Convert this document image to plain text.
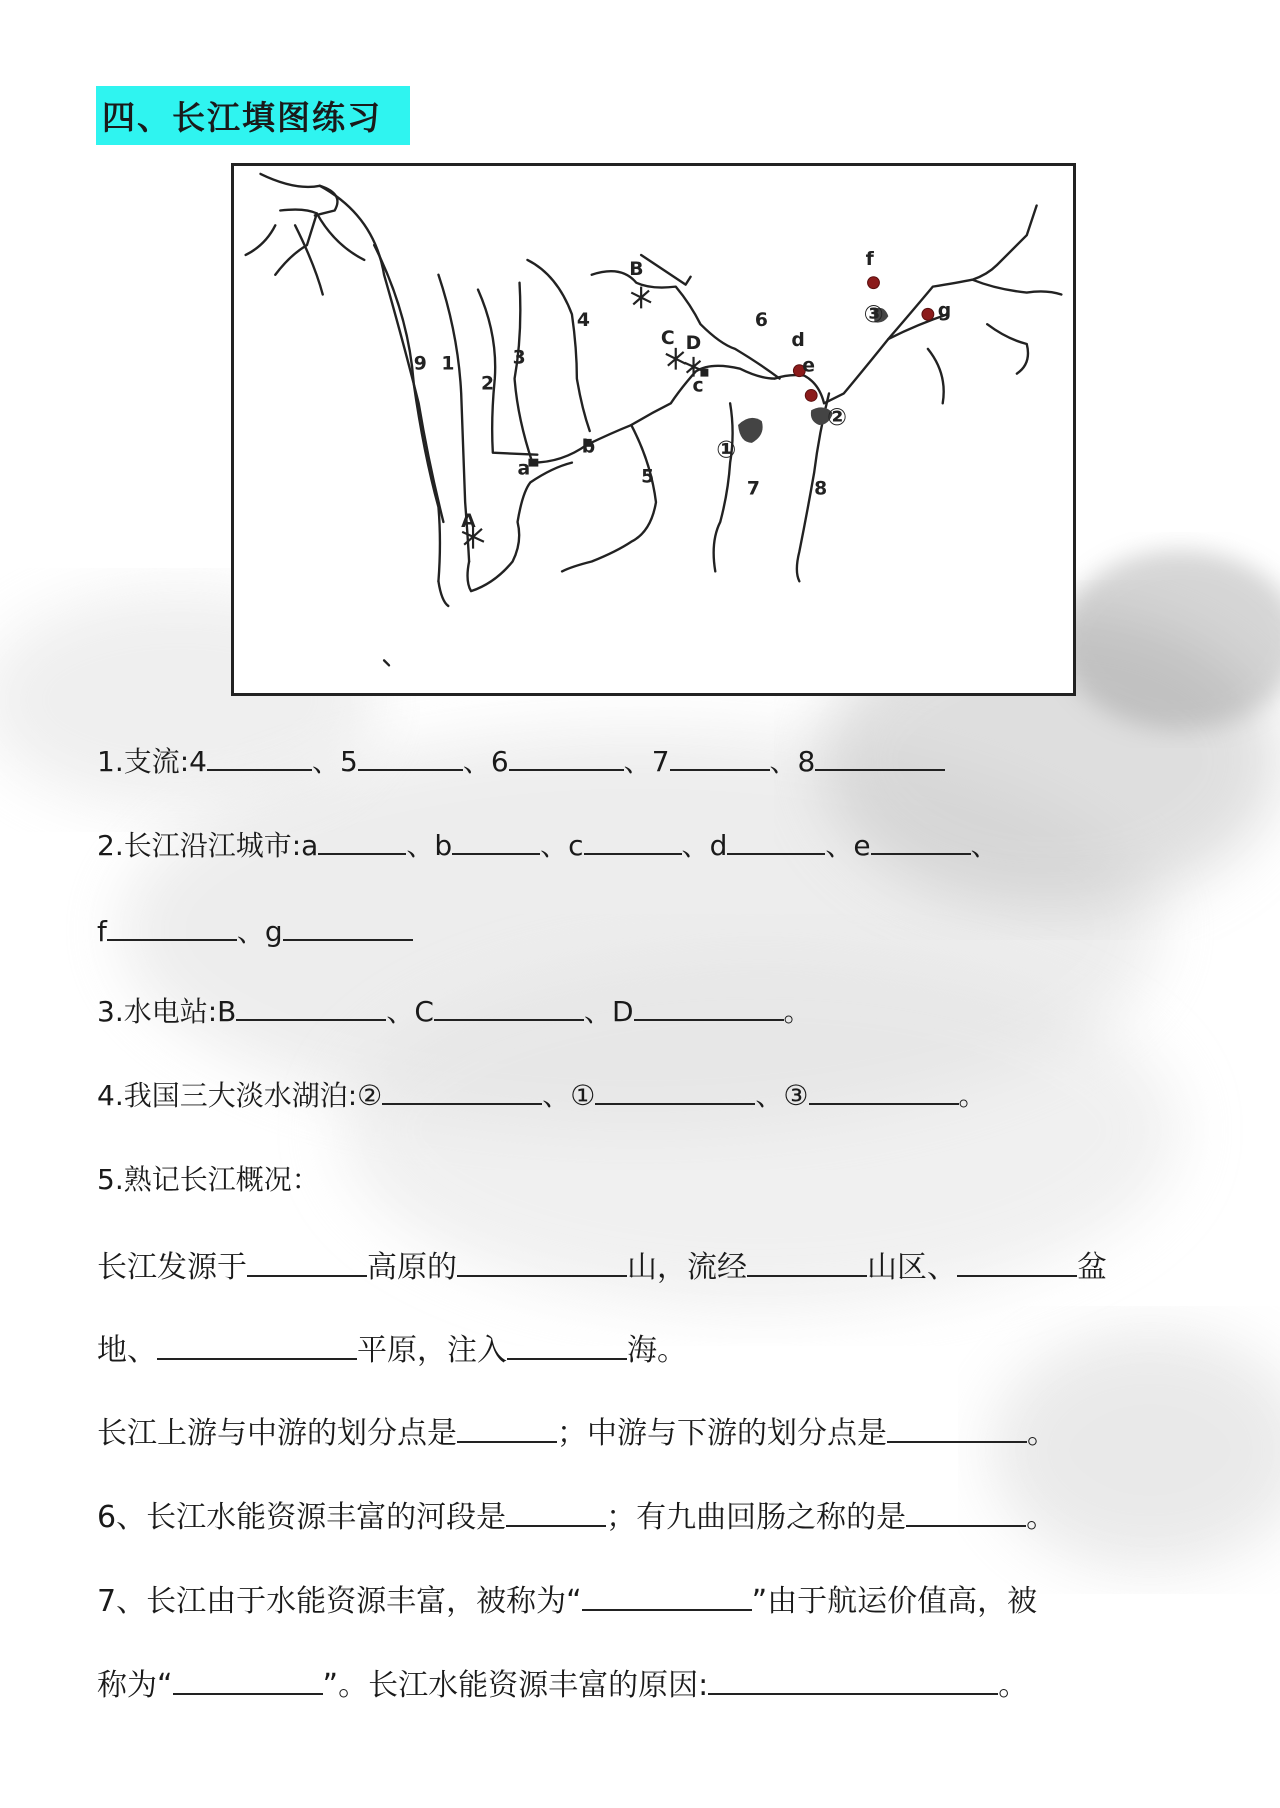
四、长江填图练习
9 1
2
3
4
5
6
7	8
a
b
c
d
e
f
g
A
B
C D
①
②
③
1.支流:4	、5	、6	、7	、8
2.长江沿江城市:a	、b	、c	、d	、e	、
f	、g
3.水电站:B	、C	、D	。
4.我国三大淡水湖泊:②	、①	、③	。
5.熟记长江概况：
长江发源于	高原的	山，流经	山区、	盆
地、	平原，注入	海。
长江上游与中游的划分点是	；中游与下游的划分点是	。
6、长江水能资源丰富的河段是	；有九曲回肠之称的是	。
7、长江由于水能资源丰富，被称为“	”由于航运价值高，被
称为“	”。长江水能资源丰富的原因:	。
